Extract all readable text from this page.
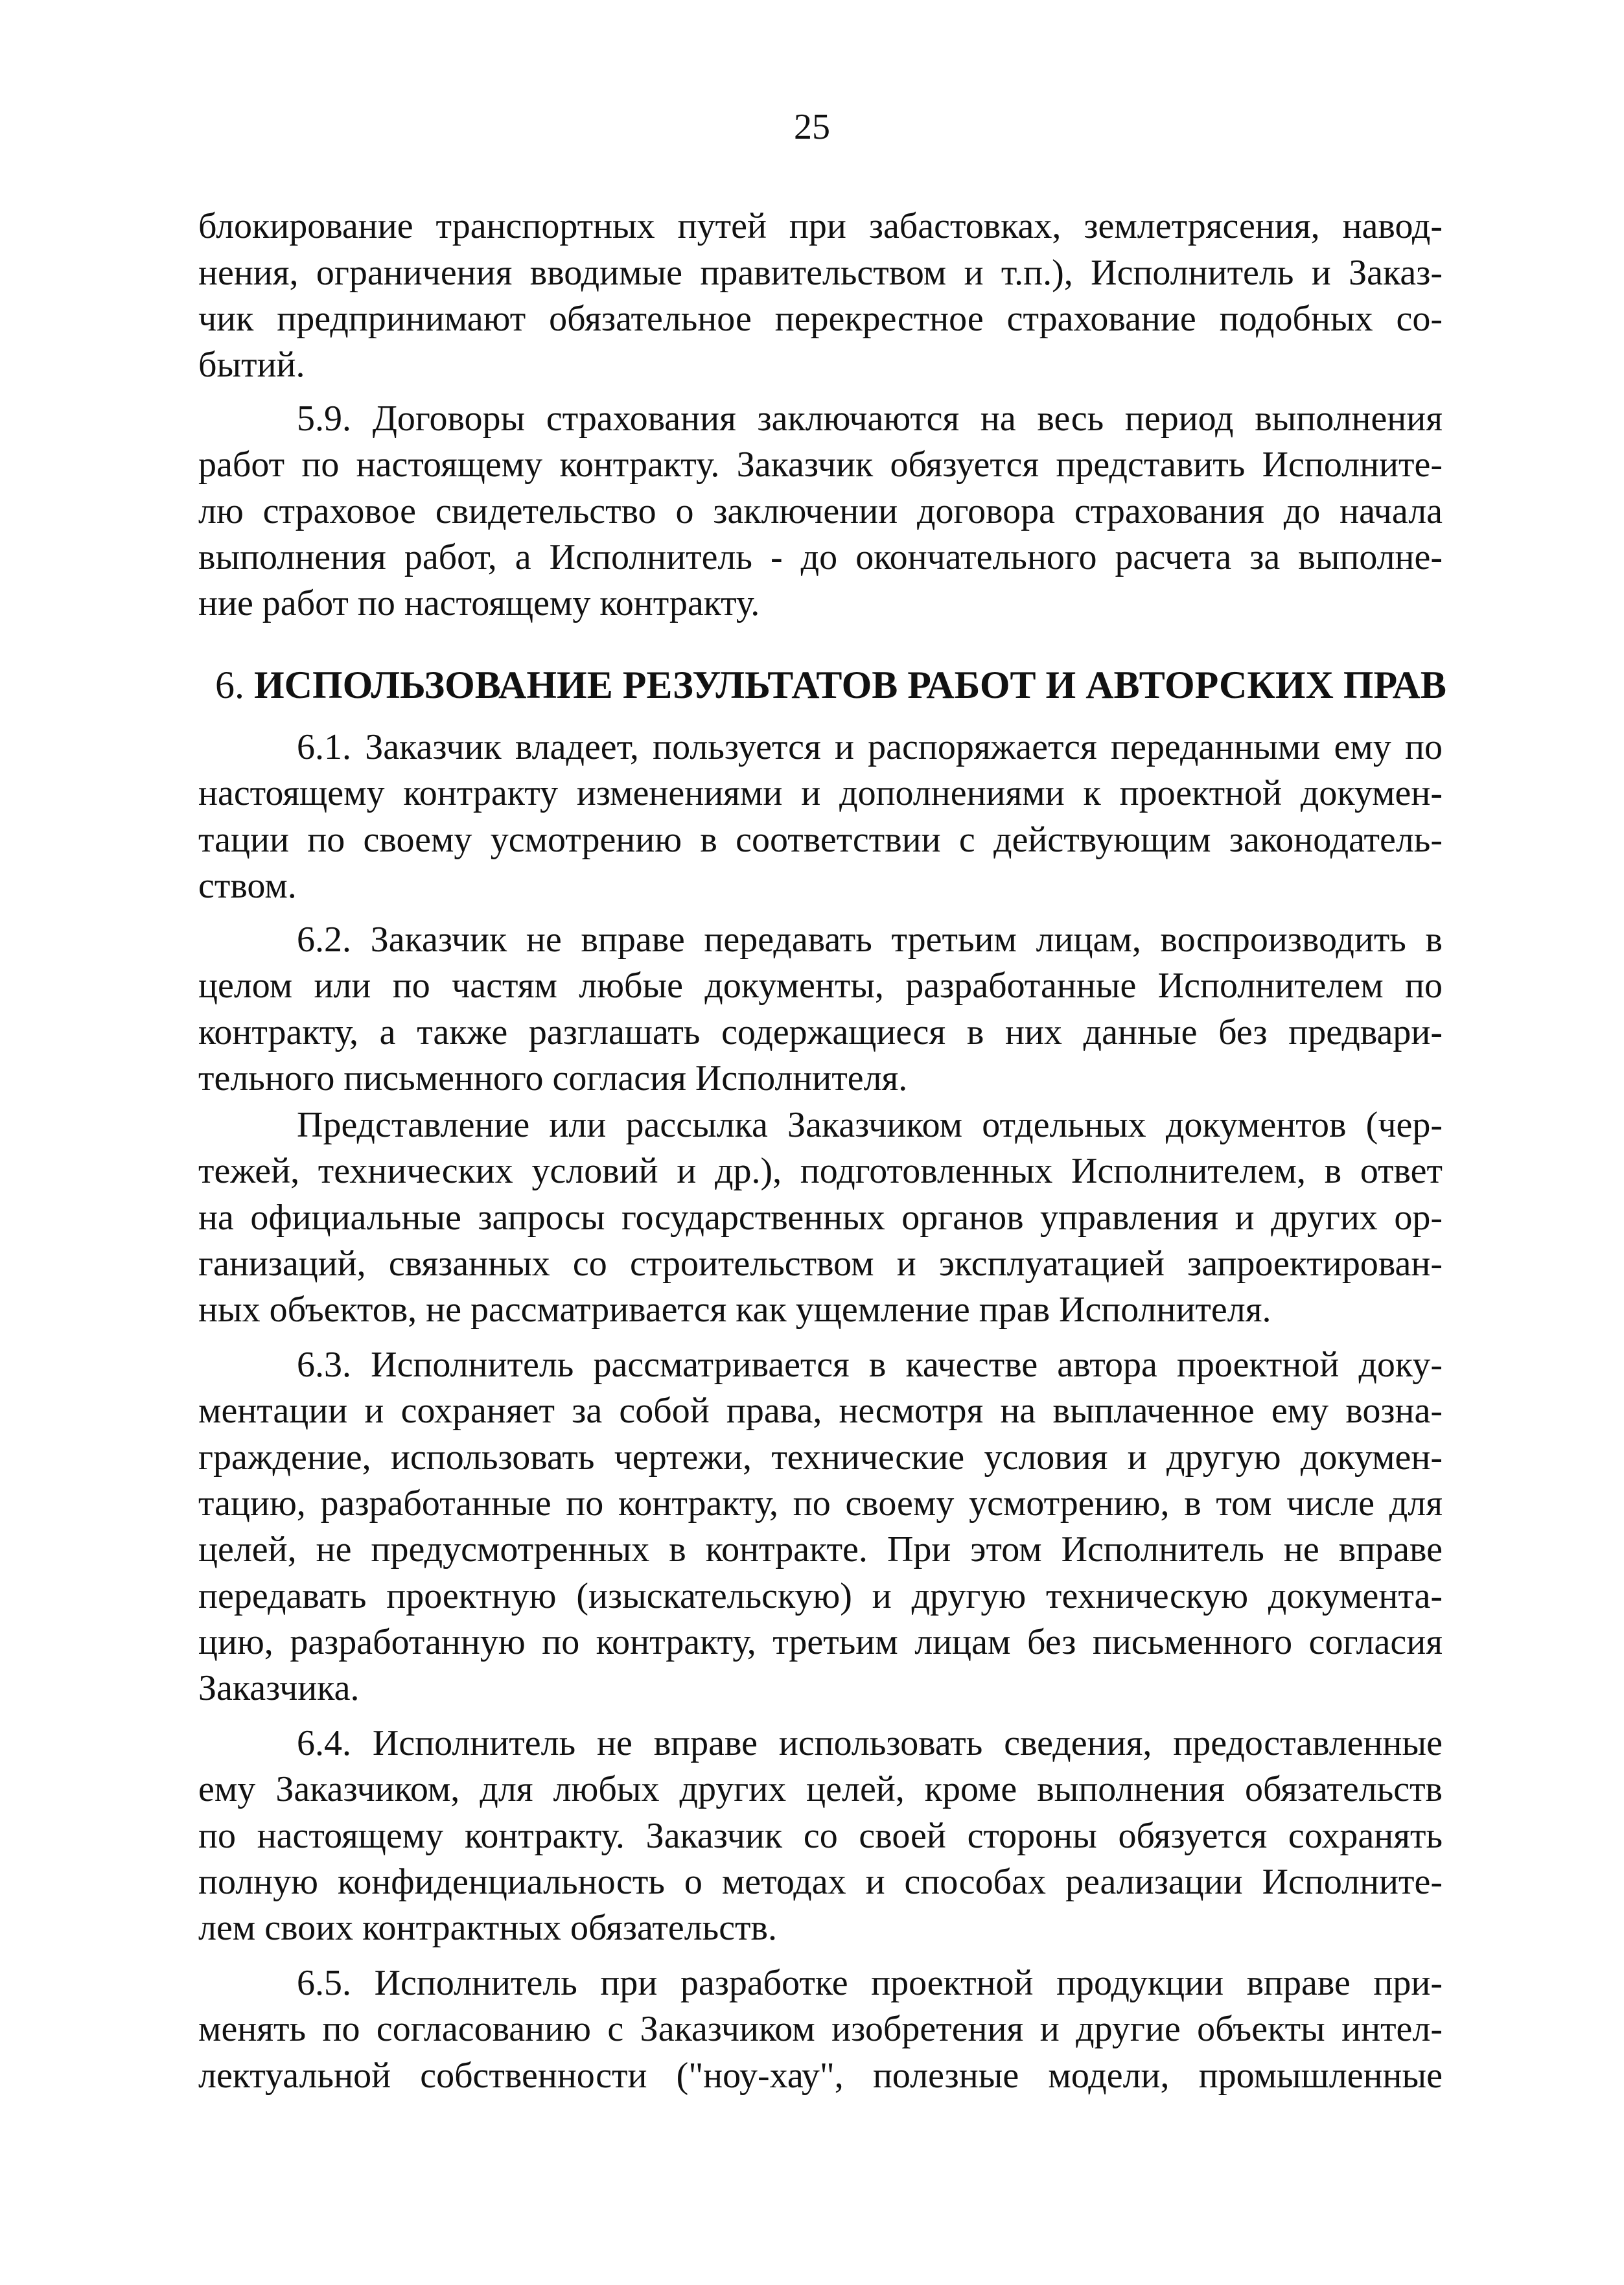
25
блокирование транспортных путей при забастовках, землетрясения, навод-
нения, ограничения вводимые правительством и т.п.), Исполнитель и Заказ-
чик предпринимают обязательное перекрестное страхование подобных со-
бытий.
5.9. Договоры страхования заключаются на весь период выполнения
работ по настоящему контракту. Заказчик обязуется представить Исполните-
лю страховое свидетельство о заключении договора страхования до начала
выполнения работ, а Исполнитель - до окончательного расчета за выполне-
ние работ по настоящему контракту.
6. ИСПОЛЬЗОВАНИЕ РЕЗУЛЬТАТОВ РАБОТ И АВТОРСКИХ ПРАВ
6.1. Заказчик владеет, пользуется и распоряжается переданными ему по
настоящему контракту изменениями и дополнениями к проектной докумен-
тации по своему усмотрению в соответствии с действующим законодатель-
ством.
6.2. Заказчик не вправе передавать третьим лицам, воспроизводить в
целом или по частям любые документы, разработанные Исполнителем по
контракту, а также разглашать содержащиеся в них данные без предвари-
тельного письменного согласия Исполнителя.
Представление или рассылка Заказчиком отдельных документов (чер-
тежей, технических условий и др.), подготовленных Исполнителем, в ответ
на официальные запросы государственных органов управления и других ор-
ганизаций, связанных со строительством и эксплуатацией запроектирован-
ных объектов, не рассматривается как ущемление прав Исполнителя.
6.3. Исполнитель рассматривается в качестве автора проектной доку-
ментации и сохраняет за собой права, несмотря на выплаченное ему возна-
граждение, использовать чертежи, технические условия и другую докумен-
тацию, разработанные по контракту, по своему усмотрению, в том числе для
целей, не предусмотренных в контракте. При этом Исполнитель не вправе
передавать проектную (изыскательскую) и другую техническую документа-
цию, разработанную по контракту, третьим лицам без письменного согласия
Заказчика.
6.4. Исполнитель не вправе использовать сведения, предоставленные
ему Заказчиком, для любых других целей, кроме выполнения обязательств
по настоящему контракту. Заказчик со своей стороны обязуется сохранять
полную конфиденциальность о методах и способах реализации Исполните-
лем своих контрактных обязательств.
6.5. Исполнитель при разработке проектной продукции вправе при-
менять по согласованию с Заказчиком изобретения и другие объекты интел-
лектуальной собственности ("ноу-хау", полезные модели, промышленные
